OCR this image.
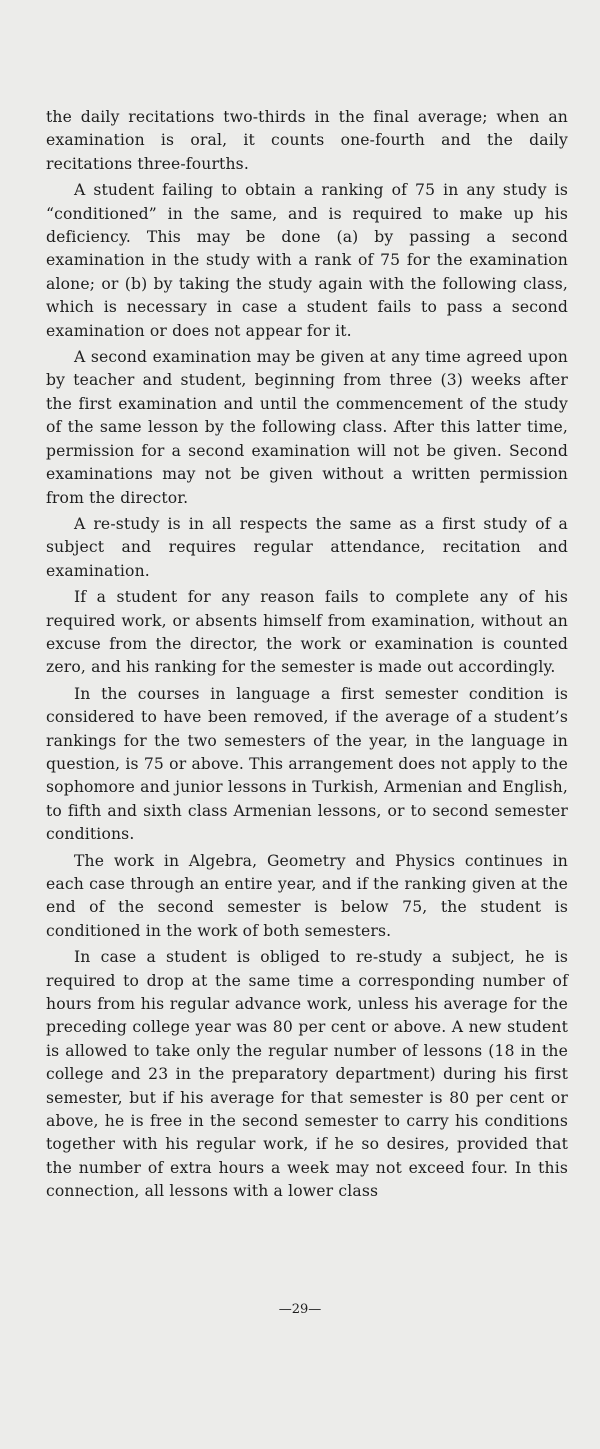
the daily recitations two-thirds in the final average; when an examination is oral, it counts one-fourth and the daily recitations three-fourths.

A student failing to obtain a ranking of 75 in any study is “conditioned” in the same, and is required to make up his deficiency. This may be done (a) by passing a second examination in the study with a rank of 75 for the examination alone; or (b) by taking the study again with the following class, which is necessary in case a student fails to pass a second examination or does not appear for it.

A second examination may be given at any time agreed upon by teacher and student, beginning from three (3) weeks after the first examination and until the commencement of the study of the same lesson by the following class. After this latter time, permission for a second examination will not be given. Second examinations may not be given without a written permission from the director.

A re-study is in all respects the same as a first study of a subject and requires regular attendance, recitation and examination.

If a student for any reason fails to complete any of his required work, or absents himself from examination, without an excuse from the director, the work or examination is counted zero, and his ranking for the semester is made out accordingly.

In the courses in language a first semester condition is considered to have been removed, if the average of a student’s rankings for the two semesters of the year, in the language in question, is 75 or above. This arrangement does not apply to the sophomore and junior lessons in Turkish, Armenian and English, to fifth and sixth class Armenian lessons, or to second semester conditions.

The work in Algebra, Geometry and Physics continues in each case through an entire year, and if the ranking given at the end of the second semester is below 75, the student is conditioned in the work of both semesters.

In case a student is obliged to re-study a subject, he is required to drop at the same time a corresponding number of hours from his regular advance work, unless his average for the preceding college year was 80 per cent or above. A new student is allowed to take only the regular number of lessons (18 in the college and 23 in the preparatory department) during his first semester, but if his average for that semester is 80 per cent or above, he is free in the second semester to carry his conditions together with his regular work, if he so desires, provided that the number of extra hours a week may not exceed four. In this connection, all lessons with a lower class

—29—
